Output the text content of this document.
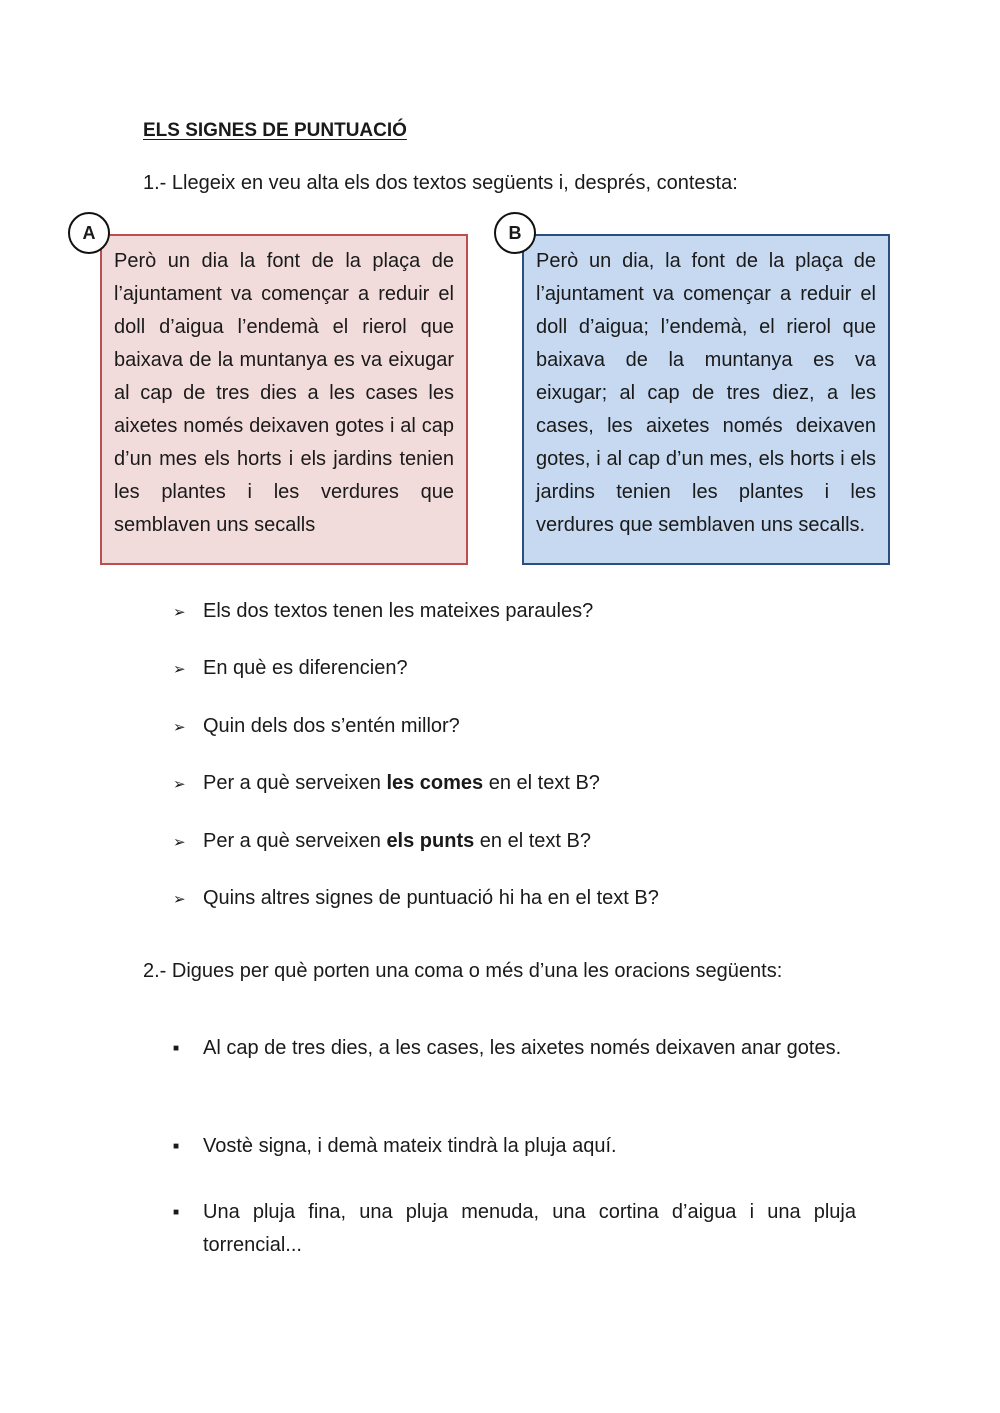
ELS SIGNES DE PUNTUACIÓ
1.- Llegeix en veu alta els dos textos següents i, després, contesta:

Però un dia la font de la plaça de l’ajuntament va començar a reduir el doll d’aigua l’endemà el rierol que baixava de la muntanya es va eixugar al cap de tres dies a les cases les aixetes només deixaven gotes i al cap d’un mes els horts i els jardins tenien les plantes i les verdures que semblaven uns secalls

A

Però un dia, la font de la plaça de l’ajuntament va començar a reduir el doll d’aigua; l’endemà, el rierol que baixava de la muntanya es va eixugar; al cap de tres diez, a les cases, les aixetes només deixaven gotes, i al cap d’un mes, els horts i els jardins tenien les plantes i les verdures que semblaven uns secalls.

B
➢ Els dos textos tenen les mateixes paraules?
➢ En què es diferencien?
➢ Quin dels dos s’entén millor?
➢ Per a què serveixen les comes en el text B?
➢ Per a què serveixen els punts en el text B?
➢ Quins altres signes de puntuació hi ha en el text B?
2.- Digues per què porten una coma o més d’una les oracions següents:
■	Al cap de tres dies, a les cases, les aixetes només deixaven anar gotes.
■	Vostè signa, i demà mateix tindrà la pluja aquí.
■	Una pluja fina, una pluja menuda, una cortina d’aigua i una pluja torrencial...
